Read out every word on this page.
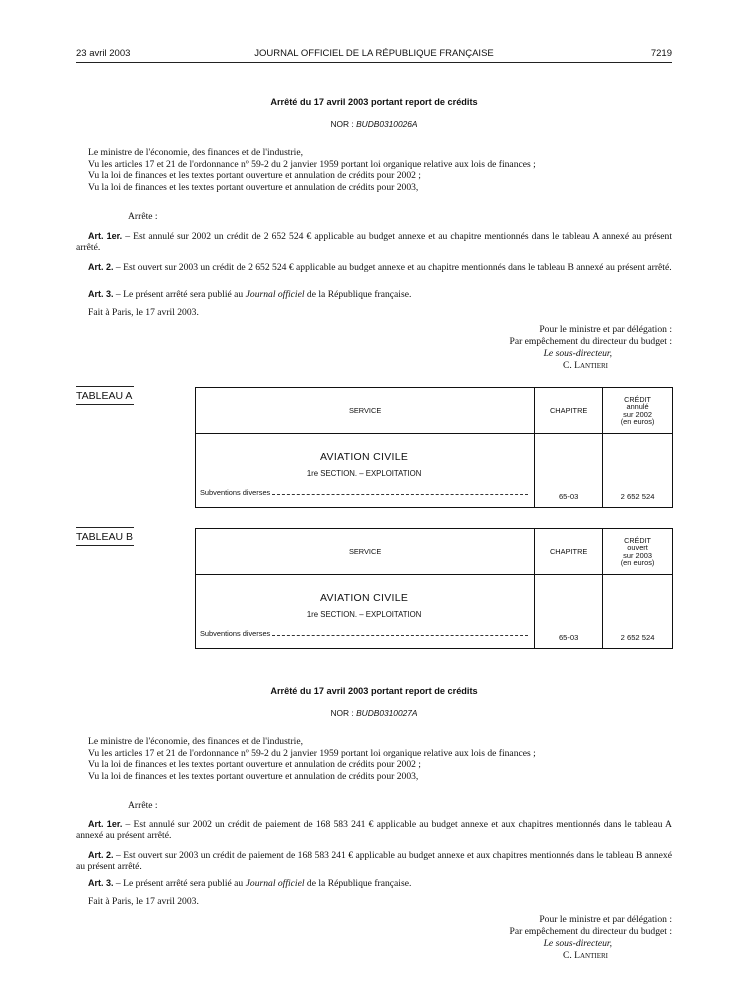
23 avril 2003	JOURNAL OFFICIEL DE LA RÉPUBLIQUE FRANÇAISE	7219
Arrêté du 17 avril 2003 portant report de crédits
NOR : BUDB0310026A
Le ministre de l'économie, des finances et de l'industrie,
Vu les articles 17 et 21 de l'ordonnance nº 59-2 du 2 janvier 1959 portant loi organique relative aux lois de finances ;
Vu la loi de finances et les textes portant ouverture et annulation de crédits pour 2002 ;
Vu la loi de finances et les textes portant ouverture et annulation de crédits pour 2003,
Arrête :
Art. 1er. – Est annulé sur 2002 un crédit de 2 652 524 € applicable au budget annexe et au chapitre mentionnés dans le tableau A annexé au présent arrêté.
Art. 2. – Est ouvert sur 2003 un crédit de 2 652 524 € applicable au budget annexe et au chapitre mentionnés dans le tableau B annexé au présent arrêté.
Art. 3. – Le présent arrêté sera publié au Journal officiel de la République française.
Fait à Paris, le 17 avril 2003.
Pour le ministre et par délégation :
Par empêchement du directeur du budget :
Le sous-directeur,
C. Lantieri
TABLEAU A
SERVICE	CHAPITRE	CRÉDIT
annulé
sur 2002
(en euros)

AVIATION CIVILE
1re SECTION. – EXPLOITATION
Subventions diverses	65-03	2 652 524
TABLEAU B
SERVICE	CHAPITRE	CRÉDIT
ouvert
sur 2003
(en euros)

AVIATION CIVILE
1re SECTION. – EXPLOITATION
Subventions diverses	65-03	2 652 524
Arrêté du 17 avril 2003 portant report de crédits
NOR : BUDB0310027A
Le ministre de l'économie, des finances et de l'industrie,
Vu les articles 17 et 21 de l'ordonnance nº 59-2 du 2 janvier 1959 portant loi organique relative aux lois de finances ;
Vu la loi de finances et les textes portant ouverture et annulation de crédits pour 2002 ;
Vu la loi de finances et les textes portant ouverture et annulation de crédits pour 2003,
Arrête :
Art. 1er. – Est annulé sur 2002 un crédit de paiement de 168 583 241 € applicable au budget annexe et aux chapitres mentionnés dans le tableau A annexé au présent arrêté.
Art. 2. – Est ouvert sur 2003 un crédit de paiement de 168 583 241 € applicable au budget annexe et aux chapitres mentionnés dans le tableau B annexé au présent arrêté.
Art. 3. – Le présent arrêté sera publié au Journal officiel de la République française.
Fait à Paris, le 17 avril 2003.
Pour le ministre et par délégation :
Par empêchement du directeur du budget :
Le sous-directeur,
C. Lantieri
